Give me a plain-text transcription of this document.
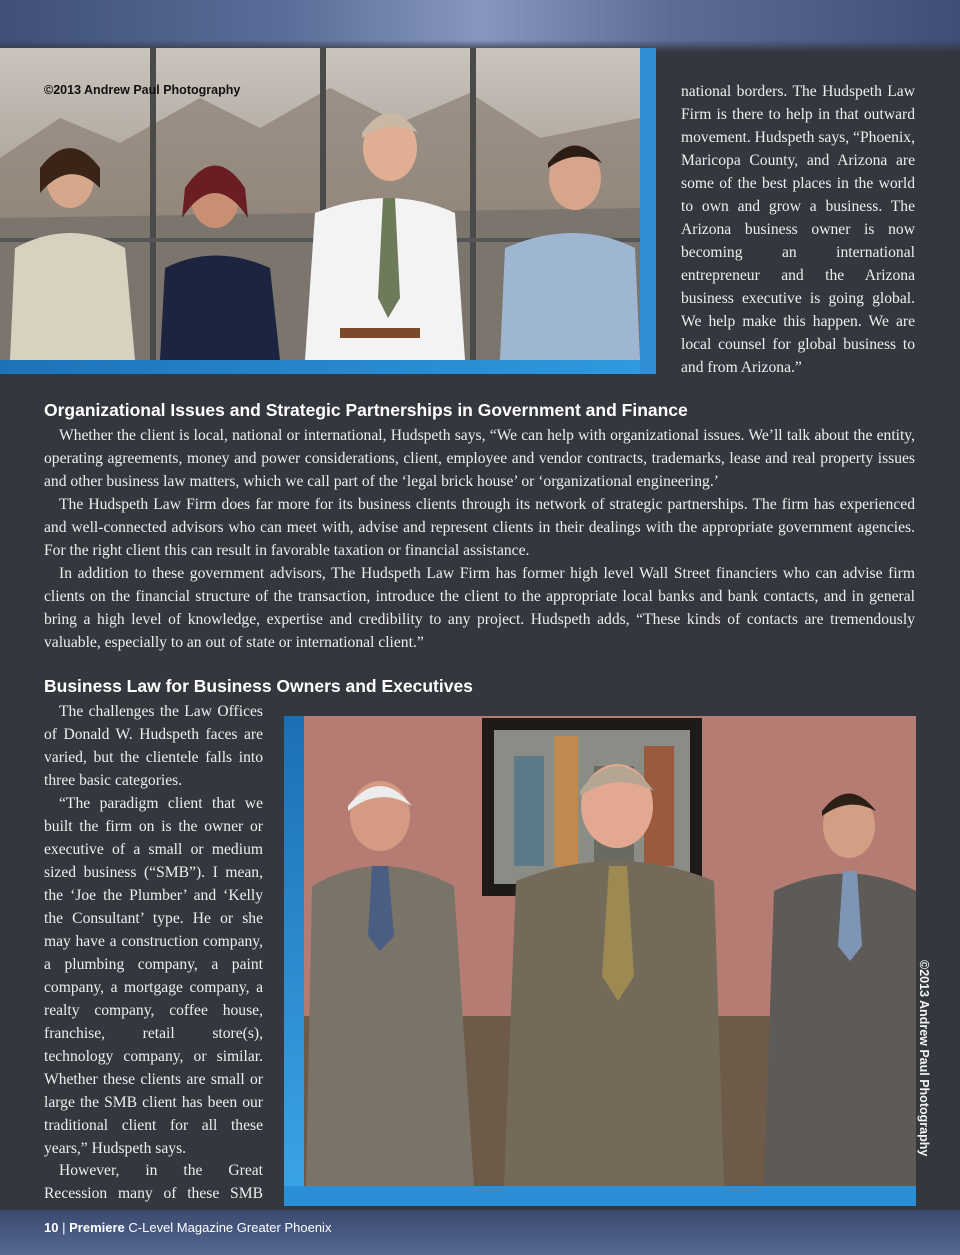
©2013 Andrew Paul Photography	national borders. The Hudspeth Law Firm is there to help in that outward movement. Hudspeth says, “Phoenix, Maricopa County, and Arizona are some of the best places in the world to own and grow a business. The Arizona business owner is now becoming an international entrepreneur and the Arizona business executive is going global. We help make this happen. We are local counsel for global business to and from Arizona.”
Organizational Issues and Strategic Partnerships in Government and Finance
Whether the client is local, national or international, Hudspeth says, “We can help with organizational issues. We’ll talk about the entity, operating agreements, money and power considerations, client, employee and vendor contracts, trademarks, lease and real property issues and other business law matters, which we call part of the ‘legal brick house’ or ‘organizational engineering.’
The Hudspeth Law Firm does far more for its business clients through its network of strategic partnerships. The firm has experienced and well-connected advisors who can meet with, advise and represent clients in their dealings with the appropriate government agencies. For the right client this can result in favorable taxation or financial assistance.
In addition to these government advisors, The Hudspeth Law Firm has former high level Wall Street financiers who can advise firm clients on the financial structure of the transaction, introduce the client to the appropriate local banks and bank contacts, and in general bring a high level of knowledge, expertise and credibility to any project. Hudspeth adds, “These kinds of contacts are tremendously valuable, especially to an out of state or international client.”
Business Law for Business Owners and Executives
The challenges the Law Offices of Donald W. Hudspeth faces are varied, but the clientele falls into three basic categories.
“The paradigm client that we built the firm on is the owner or executive of a small or medium sized business (“SMB”). I mean, the ‘Joe the Plumber’ and ‘Kelly the Consultant’ type. He or she may have a construction company, a plumbing company, a paint company, a mortgage company, a realty company, coffee house, franchise, retail store(s), technology company, or similar. Whether these clients are small or large the SMB client has been our traditional client for all these years,” Hudspeth says.
However, in the Great Recession many of these SMB
©2013 Andrew Paul Photography
10 | Premiere C-Level Magazine Greater Phoenix
